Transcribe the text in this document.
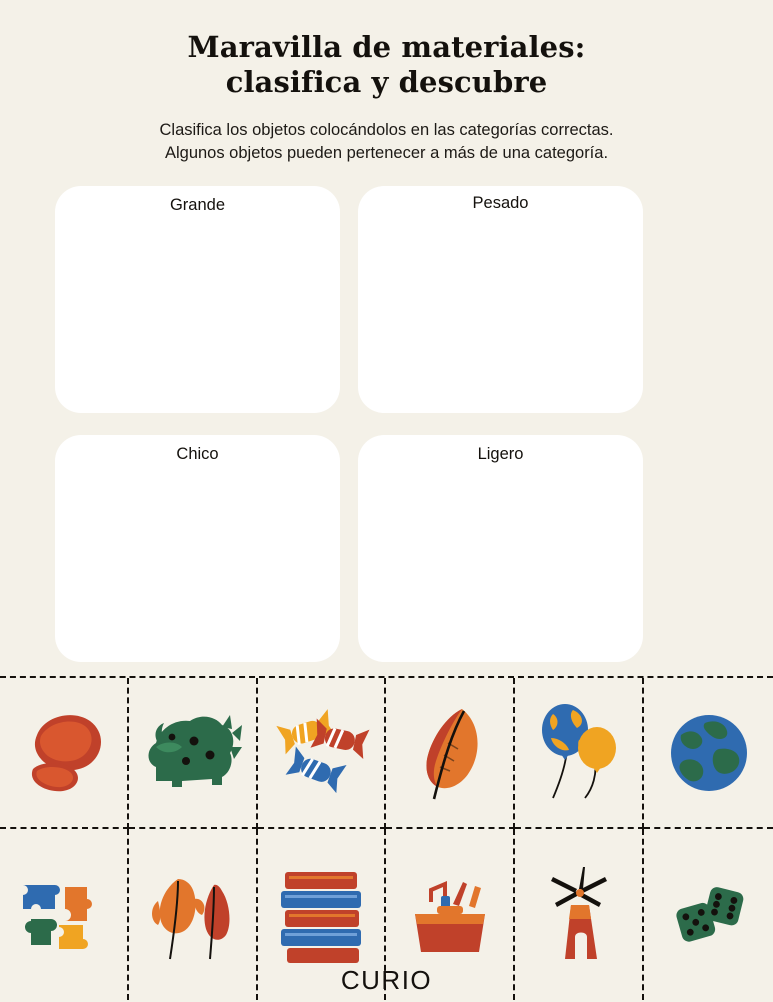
Maravilla de materiales:
clasifica y descubre

Clasifica los objetos colocándolos en las categorías correctas.
Algunos objetos pueden pertenecer a más de una categoría.

Grande	Pesado
Chico	Ligero
CURIO
